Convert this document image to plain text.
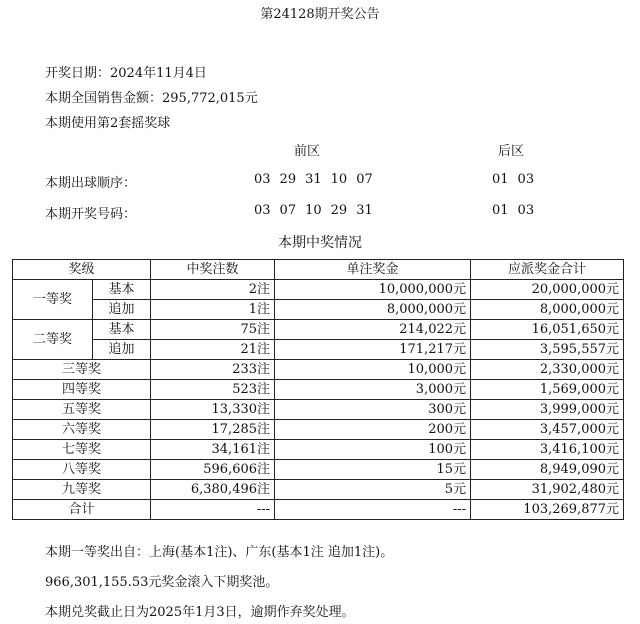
第24128期开奖公告
开奖日期：2024年11月4日
本期全国销售金额：295,772,015元
本期使用第2套摇奖球
前区	后区
本期出球顺序：	03 29 31 10 07	01 03
本期开奖号码：	03 07 10 29 31	01 03
本期中奖情况
奖级		中奖注数	单注奖金	应派奖金合计
一等奖	基本	2注	10,000,000元	20,000,000元
	追加	1注	8,000,000元	8,000,000元
二等奖	基本	75注	214,022元	16,051,650元
	追加	21注	171,217元	3,595,557元
三等奖		233注	10,000元	2,330,000元
四等奖		523注	3,000元	1,569,000元
五等奖		13,330注	300元	3,999,000元
六等奖		17,285注	200元	3,457,000元
七等奖		34,161注	100元	3,416,100元
八等奖		596,606注	15元	8,949,090元
九等奖		6,380,496注	5元	31,902,480元
合计		---	---	103,269,877元
本期一等奖出自：上海(基本1注)、广东(基本1注 追加1注)。
966,301,155.53元奖金滚入下期奖池。
本期兑奖截止日为2025年1月3日，逾期作弃奖处理。
